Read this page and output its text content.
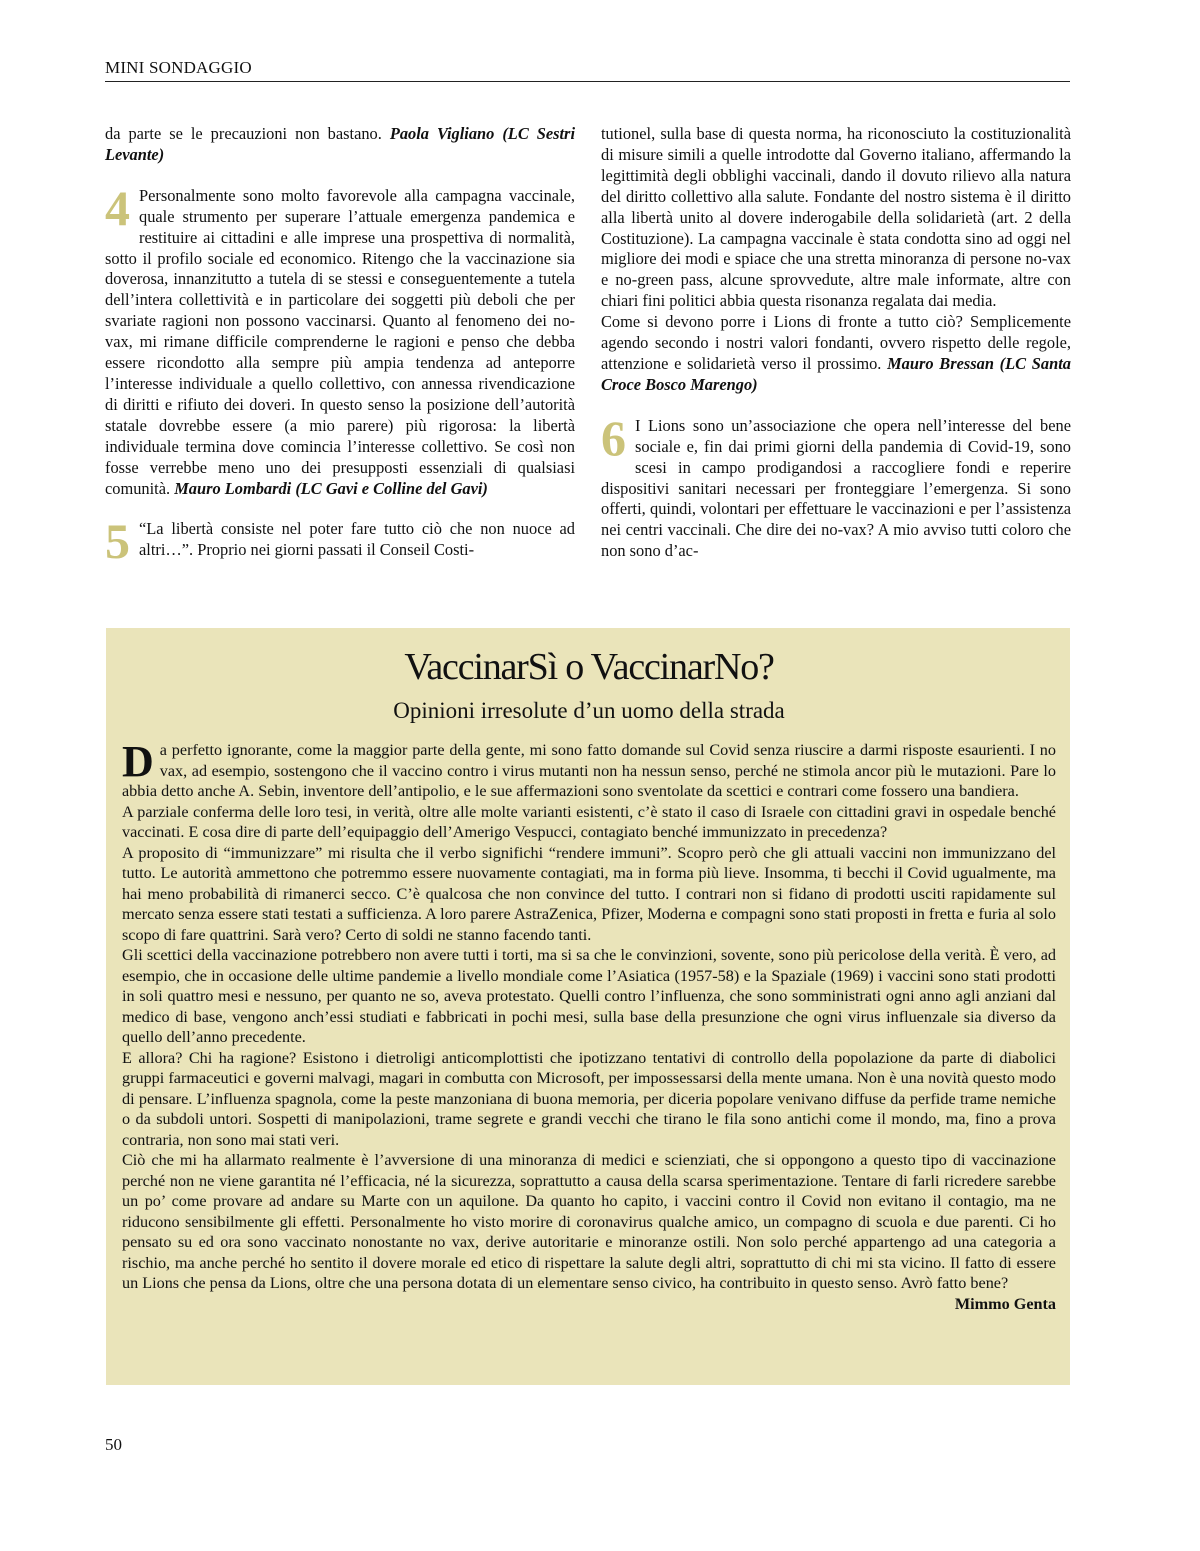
MINI SONDAGGIO

da parte se le precauzioni non bastano. Paola Vigliano (LC Sestri Levante)

4 Personalmente sono molto favorevole alla campagna vaccinale, quale strumento per superare l’attuale emergenza pandemica e restituire ai cittadini e alle imprese una prospettiva di normalità, sotto il profilo sociale ed economico. Ritengo che la vaccinazione sia doverosa, innanzitutto a tutela di se stessi e conseguentemente a tutela dell’intera collettività e in particolare dei soggetti più deboli che per svariate ragioni non possono vaccinarsi. Quanto al fenomeno dei no-vax, mi rimane difficile comprenderne le ragioni e penso che debba essere ricondotto alla sempre più ampia tendenza ad anteporre l’interesse individuale a quello collettivo, con annessa rivendicazione di diritti e rifiuto dei doveri. In questo senso la posizione dell’autorità statale dovrebbe essere (a mio parere) più rigorosa: la libertà individuale termina dove comincia l’interesse collettivo. Se così non fosse verrebbe meno uno dei presupposti essenziali di qualsiasi comunità. Mauro Lombardi (LC Gavi e Colline del Gavi)

5 “La libertà consiste nel poter fare tutto ciò che non nuoce ad altri…”. Proprio nei giorni passati il Conseil Costi-

tutionel, sulla base di questa norma, ha riconosciuto la costituzionalità di misure simili a quelle introdotte dal Governo italiano, affermando la legittimità degli obblighi vaccinali, dando il dovuto rilievo alla natura del diritto collettivo alla salute. Fondante del nostro sistema è il diritto alla libertà unito al dovere inderogabile della solidarietà (art. 2 della Costituzione). La campagna vaccinale è stata condotta sino ad oggi nel migliore dei modi e spiace che una stretta minoranza di persone no-vax e no-green pass, alcune sprovvedute, altre male informate, altre con chiari fini politici abbia questa risonanza regalata dai media.

Come si devono porre i Lions di fronte a tutto ciò? Semplicemente agendo secondo i nostri valori fondanti, ovvero rispetto delle regole, attenzione e solidarietà verso il prossimo. Mauro Bressan (LC Santa Croce Bosco Marengo)

6 I Lions sono un’associazione che opera nell’interesse del bene sociale e, fin dai primi giorni della pandemia di Covid-19, sono scesi in campo prodigandosi a raccogliere fondi e reperire dispositivi sanitari necessari per fronteggiare l’emergenza. Si sono offerti, quindi, volontari per effettuare le vaccinazioni e per l’assistenza nei centri vaccinali. Che dire dei no-vax? A mio avviso tutti coloro che non sono d’ac-

VaccinarSì o VaccinarNo?
Opinioni irresolute d’un uomo della strada

Da perfetto ignorante, come la maggior parte della gente, mi sono fatto domande sul Covid senza riuscire a darmi risposte esaurienti. I no vax, ad esempio, sostengono che il vaccino contro i virus mutanti non ha nessun senso, perché ne stimola ancor più le mutazioni. Pare lo abbia detto anche A. Sebin, inventore dell’antipolio, e le sue affermazioni sono sventolate da scettici e contrari come fossero una bandiera.

A parziale conferma delle loro tesi, in verità, oltre alle molte varianti esistenti, c’è stato il caso di Israele con cittadini gravi in ospedale benché vaccinati. E cosa dire di parte dell’equipaggio dell’Amerigo Vespucci, contagiato benché immunizzato in precedenza?

A proposito di “immunizzare” mi risulta che il verbo significhi “rendere immuni”. Scopro però che gli attuali vaccini non immunizzano del tutto. Le autorità ammettono che potremmo essere nuovamente contagiati, ma in forma più lieve. Insomma, ti becchi il Covid ugualmente, ma hai meno probabilità di rimanerci secco. C’è qualcosa che non convince del tutto. I contrari non si fidano di prodotti usciti rapidamente sul mercato senza essere stati testati a sufficienza. A loro parere AstraZenica, Pfizer, Moderna e compagni sono stati proposti in fretta e furia al solo scopo di fare quattrini. Sarà vero? Certo di soldi ne stanno facendo tanti.

Gli scettici della vaccinazione potrebbero non avere tutti i torti, ma si sa che le convinzioni, sovente, sono più pericolose della verità. È vero, ad esempio, che in occasione delle ultime pandemie a livello mondiale come l’Asiatica (1957-58) e la Spaziale (1969) i vaccini sono stati prodotti in soli quattro mesi e nessuno, per quanto ne so, aveva protestato. Quelli contro l’influenza, che sono somministrati ogni anno agli anziani dal medico di base, vengono anch’essi studiati e fabbricati in pochi mesi, sulla base della presunzione che ogni virus influenzale sia diverso da quello dell’anno precedente.

E allora? Chi ha ragione? Esistono i dietroligi anticomplottisti che ipotizzano tentativi di controllo della popolazione da parte di diabolici gruppi farmaceutici e governi malvagi, magari in combutta con Microsoft, per impossessarsi della mente umana. Non è una novità questo modo di pensare. L’influenza spagnola, come la peste manzoniana di buona memoria, per diceria popolare venivano diffuse da perfide trame nemiche o da subdoli untori. Sospetti di manipolazioni, trame segrete e grandi vecchi che tirano le fila sono antichi come il mondo, ma, fino a prova contraria, non sono mai stati veri.

Ciò che mi ha allarmato realmente è l’avversione di una minoranza di medici e scienziati, che si oppongono a questo tipo di vaccinazione perché non ne viene garantita né l’efficacia, né la sicurezza, soprattutto a causa della scarsa sperimentazione. Tentare di farli ricredere sarebbe un po’ come provare ad andare su Marte con un aquilone. Da quanto ho capito, i vaccini contro il Covid non evitano il contagio, ma ne riducono sensibilmente gli effetti. Personalmente ho visto morire di coronavirus qualche amico, un compagno di scuola e due parenti. Ci ho pensato su ed ora sono vaccinato nonostante no vax, derive autoritarie e minoranze ostili. Non solo perché appartengo ad una categoria a rischio, ma anche perché ho sentito il dovere morale ed etico di rispettare la salute degli altri, soprattutto di chi mi sta vicino. Il fatto di essere un Lions che pensa da Lions, oltre che una persona dotata di un elementare senso civico, ha contribuito in questo senso. Avrò fatto bene?

Mimmo Genta

50
